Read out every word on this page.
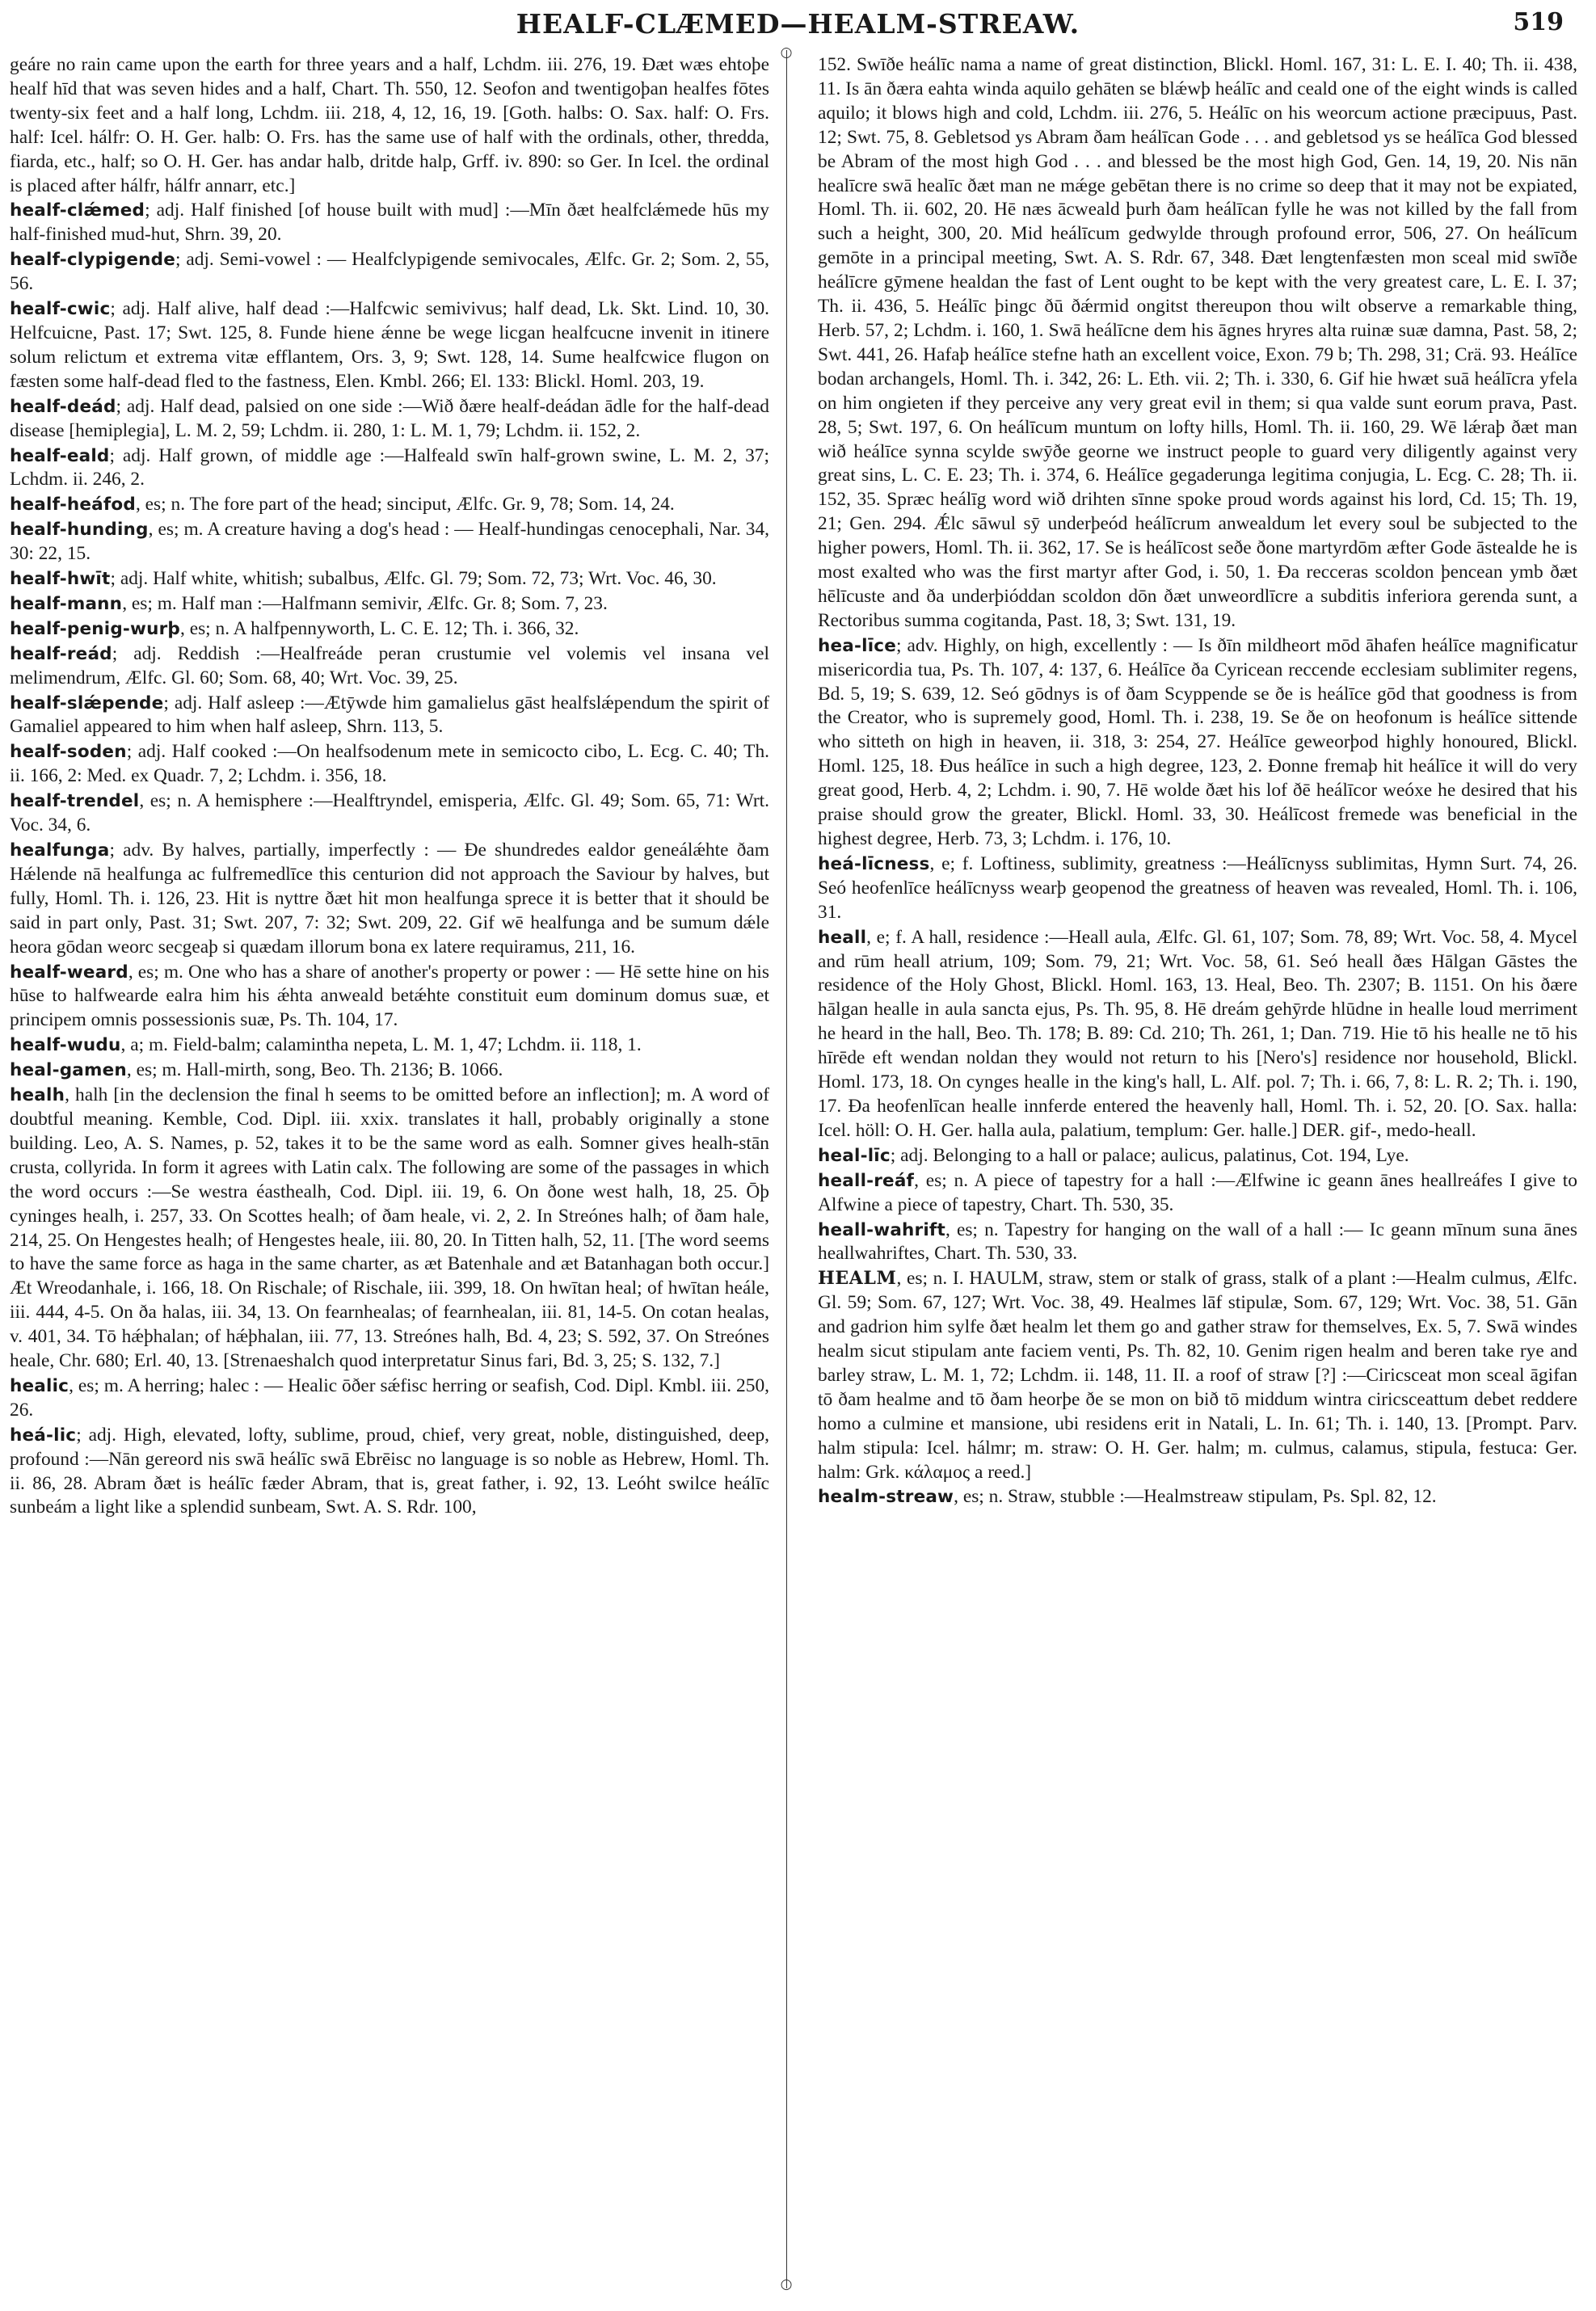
HEALF-CLÆMED—HEALM-STREAW.	519

geáre no rain came upon the earth for three years and a half, Lchdm. iii. 276, 19. Ðæt wæs ehtoþe healf hīd that was seven hides and a half, Chart. Th. 550, 12. Seofon and twentigoþan healfes fōtes twenty-six feet and a half long, Lchdm. iii. 218, 4, 12, 16, 19. [Goth. halbs: O. Sax. half: O. Frs. half: Icel. hálfr: O. H. Ger. halb: O. Frs. has the same use of half with the ordinals, other, thredda, fiarda, etc., half; so O. H. Ger. has andar halb, dritde halp, Grff. iv. 890: so Ger. In Icel. the ordinal is placed after hálfr, hálfr annarr, etc.]

healf-clǽmed; adj. Half finished [of house built with mud] :—Mīn ðæt healfclǽmede hūs my half-finished mud-hut, Shrn. 39, 20.

healf-clypigende; adj. Semi-vowel : — Healfclypigende semivocales, Ælfc. Gr. 2; Som. 2, 55, 56.

healf-cwic; adj. Half alive, half dead :—Halfcwic semivivus; half dead, Lk. Skt. Lind. 10, 30. Helfcuicne, Past. 17; Swt. 125, 8. Funde hiene ǽnne be wege licgan healfcucne invenit in itinere solum relictum et extrema vitæ efflantem, Ors. 3, 9; Swt. 128, 14. Sume healfcwice flugon on fæsten some half-dead fled to the fastness, Elen. Kmbl. 266; El. 133: Blickl. Homl. 203, 19.

healf-deád; adj. Half dead, palsied on one side :—Wið ðære healf-deádan ādle for the half-dead disease [hemiplegia], L. M. 2, 59; Lchdm. ii. 280, 1: L. M. 1, 79; Lchdm. ii. 152, 2.

healf-eald; adj. Half grown, of middle age :—Halfeald swīn half-grown swine, L. M. 2, 37; Lchdm. ii. 246, 2.

healf-heáfod, es; n. The fore part of the head; sinciput, Ælfc. Gr. 9, 78; Som. 14, 24.

healf-hunding, es; m. A creature having a dog's head : — Healf-hundingas cenocephali, Nar. 34, 30: 22, 15.

healf-hwīt; adj. Half white, whitish; subalbus, Ælfc. Gl. 79; Som. 72, 73; Wrt. Voc. 46, 30.

healf-mann, es; m. Half man :—Halfmann semivir, Ælfc. Gr. 8; Som. 7, 23.

healf-penig-wurþ, es; n. A halfpennyworth, L. C. E. 12; Th. i. 366, 32.

healf-reád; adj. Reddish :—Healfreáde peran crustumie vel volemis vel insana vel melimendrum, Ælfc. Gl. 60; Som. 68, 40; Wrt. Voc. 39, 25.

healf-slǽpende; adj. Half asleep :—Ætȳwde him gamalielus gāst healfslǽpendum the spirit of Gamaliel appeared to him when half asleep, Shrn. 113, 5.

healf-soden; adj. Half cooked :—On healfsodenum mete in semicocto cibo, L. Ecg. C. 40; Th. ii. 166, 2: Med. ex Quadr. 7, 2; Lchdm. i. 356, 18.

healf-trendel, es; n. A hemisphere :—Healftryndel, emisperia, Ælfc. Gl. 49; Som. 65, 71: Wrt. Voc. 34, 6.

healfunga; adv. By halves, partially, imperfectly : — Ðe shundredes ealdor geneálǽhte ðam Hǽlende nā healfunga ac fulfremedlīce this centurion did not approach the Saviour by halves, but fully, Homl. Th. i. 126, 23. Hit is nyttre ðæt hit mon healfunga sprece it is better that it should be said in part only, Past. 31; Swt. 207, 7: 32; Swt. 209, 22. Gif wē healfunga and be sumum dǽle heora gōdan weorc secgeaþ si quædam illorum bona ex latere requiramus, 211, 16.

healf-weard, es; m. One who has a share of another's property or power : — Hē sette hine on his hūse to halfwearde ealra him his ǽhta anweald betǽhte constituit eum dominum domus suæ, et principem omnis possessionis suæ, Ps. Th. 104, 17.

healf-wudu, a; m. Field-balm; calamintha nepeta, L. M. 1, 47; Lchdm. ii. 118, 1.

heal-gamen, es; m. Hall-mirth, song, Beo. Th. 2136; B. 1066.

healh, halh [in the declension the final h seems to be omitted before an inflection]; m. A word of doubtful meaning. Kemble, Cod. Dipl. iii. xxix. translates it hall, probably originally a stone building. Leo, A. S. Names, p. 52, takes it to be the same word as ealh. Somner gives healh-stān crusta, collyrida. In form it agrees with Latin calx. The following are some of the passages in which the word occurs :—Se westra éasthealh, Cod. Dipl. iii. 19, 6. On ðone west halh, 18, 25. Ōþ cyninges healh, i. 257, 33. On Scottes healh; of ðam heale, vi. 2, 2. In Streónes halh; of ðam hale, 214, 25. On Hengestes healh; of Hengestes heale, iii. 80, 20. In Titten halh, 52, 11. [The word seems to have the same force as haga in the same charter, as æt Batenhale and æt Batanhagan both occur.] Æt Wreodanhale, i. 166, 18. On Rischale; of Rischale, iii. 399, 18. On hwītan heal; of hwītan heále, iii. 444, 4-5. On ða halas, iii. 34, 13. On fearnhealas; of fearnhealan, iii. 81, 14-5. On cotan healas, v. 401, 34. Tō hǽþhalan; of hǽþhalan, iii. 77, 13. Streónes halh, Bd. 4, 23; S. 592, 37. On Streónes heale, Chr. 680; Erl. 40, 13. [Strenaeshalch quod interpretatur Sinus fari, Bd. 3, 25; S. 132, 7.]

healic, es; m. A herring; halec : — Healic ōðer sǽfisc herring or seafish, Cod. Dipl. Kmbl. iii. 250, 26.

heá-lic; adj. High, elevated, lofty, sublime, proud, chief, very great, noble, distinguished, deep, profound :—Nān gereord nis swā heálīc swā Ebrēisc no language is so noble as Hebrew, Homl. Th. ii. 86, 28. Abram ðæt is heálīc fæder Abram, that is, great father, i. 92, 13. Leóht swilce heálīc sunbeám a light like a splendid sunbeam, Swt. A. S. Rdr. 100,

○
○

152. Swīðe heálīc nama a name of great distinction, Blickl. Homl. 167, 31: L. E. I. 40; Th. ii. 438, 11. Is ān ðæra eahta winda aquilo gehāten se blǽwþ heálīc and ceald one of the eight winds is called aquilo; it blows high and cold, Lchdm. iii. 276, 5. Heálīc on his weorcum actione præcipuus, Past. 12; Swt. 75, 8. Gebletsod ys Abram ðam heálīcan Gode . . . and gebletsod ys se heálīca God blessed be Abram of the most high God . . . and blessed be the most high God, Gen. 14, 19, 20. Nis nān healīcre swā healīc ðæt man ne mǽge gebētan there is no crime so deep that it may not be expiated, Homl. Th. ii. 602, 20. Hē næs ācweald þurh ðam heálīcan fylle he was not killed by the fall from such a height, 300, 20. Mid heálīcum gedwylde through profound error, 506, 27. On heálīcum gemōte in a principal meeting, Swt. A. S. Rdr. 67, 348. Ðæt lengtenfæsten mon sceal mid swīðe heálīcre gȳmene healdan the fast of Lent ought to be kept with the very greatest care, L. E. I. 37; Th. ii. 436, 5. Heálīc þingc ðū ðǽrmid ongitst thereupon thou wilt observe a remarkable thing, Herb. 57, 2; Lchdm. i. 160, 1. Swā heálīcne dem his āgnes hryres alta ruinæ suæ damna, Past. 58, 2; Swt. 441, 26. Hafaþ heálīce stefne hath an excellent voice, Exon. 79 b; Th. 298, 31; Crä. 93. Heálīce bodan archangels, Homl. Th. i. 342, 26: L. Eth. vii. 2; Th. i. 330, 6. Gif hie hwæt suā heálīcra yfela on him ongieten if they perceive any very great evil in them; si qua valde sunt eorum prava, Past. 28, 5; Swt. 197, 6. On heálīcum muntum on lofty hills, Homl. Th. ii. 160, 29. Wē lǽraþ ðæt man wið heálīce synna scylde swȳðe georne we instruct people to guard very diligently against very great sins, L. C. E. 23; Th. i. 374, 6. Heálīce gegaderunga legitima conjugia, L. Ecg. C. 28; Th. ii. 152, 35. Spræc heálīg word wið drihten sīnne spoke proud words against his lord, Cd. 15; Th. 19, 21; Gen. 294. Ǽlc sāwul sȳ underþeód heálīcrum anwealdum let every soul be subjected to the higher powers, Homl. Th. ii. 362, 17. Se is heálīcost seðe ðone martyrdōm æfter Gode āstealde he is most exalted who was the first martyr after God, i. 50, 1. Ða recceras scoldon þencean ymb ðæt hēlīcuste and ða underþióddan scoldon dōn ðæt unweordlīcre a subditis inferiora gerenda sunt, a Rectoribus summa cogitanda, Past. 18, 3; Swt. 131, 19.

hea-līce; adv. Highly, on high, excellently : — Is ðīn mildheort mōd āhafen heálīce magnificatur misericordia tua, Ps. Th. 107, 4: 137, 6. Heálīce ða Cyricean reccende ecclesiam sublimiter regens, Bd. 5, 19; S. 639, 12. Seó gōdnys is of ðam Scyppende se ðe is heálīce gōd that goodness is from the Creator, who is supremely good, Homl. Th. i. 238, 19. Se ðe on heofonum is heálīce sittende who sitteth on high in heaven, ii. 318, 3: 254, 27. Heálīce geweorþod highly honoured, Blickl. Homl. 125, 18. Ðus heálīce in such a high degree, 123, 2. Ðonne fremaþ hit heálīce it will do very great good, Herb. 4, 2; Lchdm. i. 90, 7. Hē wolde ðæt his lof ðē heálīcor weóxe he desired that his praise should grow the greater, Blickl. Homl. 33, 30. Heálīcost fremede was beneficial in the highest degree, Herb. 73, 3; Lchdm. i. 176, 10.

heá-līcness, e; f. Loftiness, sublimity, greatness :—Heálīcnyss sublimitas, Hymn Surt. 74, 26. Seó heofenlīce heálīcnyss wearþ geopenod the greatness of heaven was revealed, Homl. Th. i. 106, 31.

heall, e; f. A hall, residence :—Heall aula, Ælfc. Gl. 61, 107; Som. 78, 89; Wrt. Voc. 58, 4. Mycel and rūm heall atrium, 109; Som. 79, 21; Wrt. Voc. 58, 61. Seó heall ðæs Hālgan Gāstes the residence of the Holy Ghost, Blickl. Homl. 163, 13. Heal, Beo. Th. 2307; B. 1151. On his ðære hālgan healle in aula sancta ejus, Ps. Th. 95, 8. Hē dreám gehȳrde hlūdne in healle loud merriment he heard in the hall, Beo. Th. 178; B. 89: Cd. 210; Th. 261, 1; Dan. 719. Hie tō his healle ne tō his hīrēde eft wendan noldan they would not return to his [Nero's] residence nor household, Blickl. Homl. 173, 18. On cynges healle in the king's hall, L. Alf. pol. 7; Th. i. 66, 7, 8: L. R. 2; Th. i. 190, 17. Ða heofenlīcan healle innferde entered the heavenly hall, Homl. Th. i. 52, 20. [O. Sax. halla: Icel. höll: O. H. Ger. halla aula, palatium, templum: Ger. halle.] DER. gif-, medo-heall.

heal-līc; adj. Belonging to a hall or palace; aulicus, palatinus, Cot. 194, Lye.

heall-reáf, es; n. A piece of tapestry for a hall :—Ælfwine ic geann ānes heallreáfes I give to Alfwine a piece of tapestry, Chart. Th. 530, 35.

heall-wahrift, es; n. Tapestry for hanging on the wall of a hall :— Ic geann mīnum suna ānes heallwahriftes, Chart. Th. 530, 33.

HEALM, es; n. I. HAULM, straw, stem or stalk of grass, stalk of a plant :—Healm culmus, Ælfc. Gl. 59; Som. 67, 127; Wrt. Voc. 38, 49. Healmes lāf stipulæ, Som. 67, 129; Wrt. Voc. 38, 51. Gān and gadrion him sylfe ðæt healm let them go and gather straw for themselves, Ex. 5, 7. Swā windes healm sicut stipulam ante faciem venti, Ps. Th. 82, 10. Genim rigen healm and beren take rye and barley straw, L. M. 1, 72; Lchdm. ii. 148, 11. II. a roof of straw [?] :—Ciricsceat mon sceal āgifan tō ðam healme and tō ðam heorþe ðe se mon on bið tō middum wintra ciricsceattum debet reddere homo a culmine et mansione, ubi residens erit in Natali, L. In. 61; Th. i. 140, 13. [Prompt. Parv. halm stipula: Icel. hálmr; m. straw: O. H. Ger. halm; m. culmus, calamus, stipula, festuca: Ger. halm: Grk. κάλαμος a reed.]

healm-streaw, es; n. Straw, stubble :—Healmstreaw stipulam, Ps. Spl. 82, 12.
